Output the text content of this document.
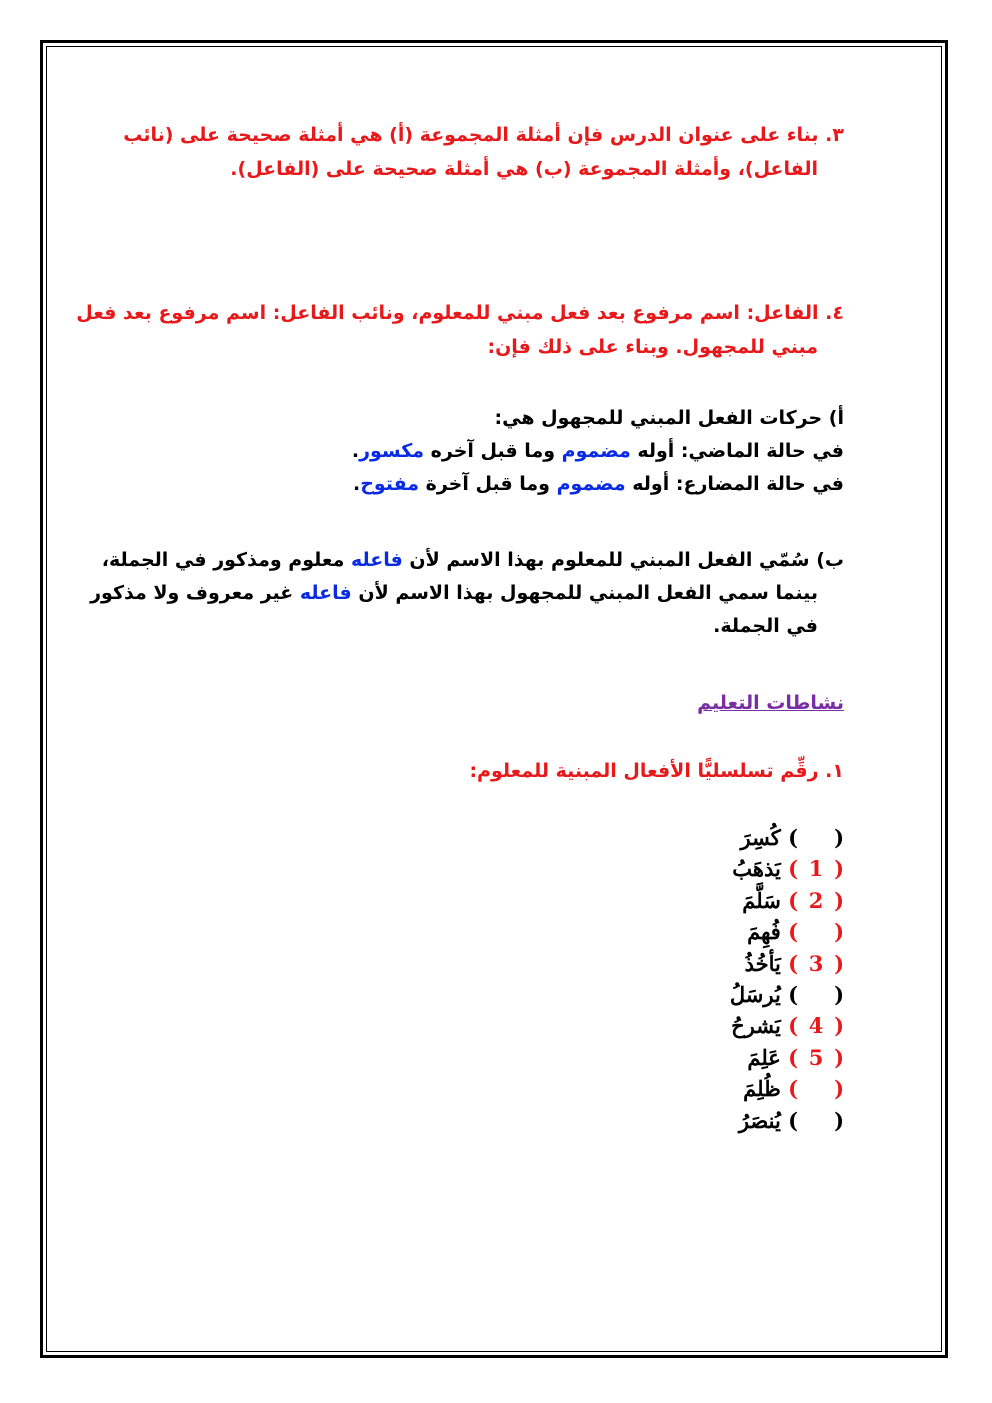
٣. بناء على عنوان الدرس فإن أمثلة المجموعة (أ) هي أمثلة صحيحة على (نائب
الفاعل)، وأمثلة المجموعة (ب) هي أمثلة صحيحة على (الفاعل).
٤. الفاعل: اسم مرفوع بعد فعل مبني للمعلوم، ونائب الفاعل: اسم مرفوع بعد فعل
مبني للمجهول. وبناء على ذلك فإن:
أ) حركات الفعل المبني للمجهول هي:
في حالة الماضي: أوله مضموم وما قبل آخره مكسور.
في حالة المضارع: أوله مضموم وما قبل آخرة مفتوح.
ب) سُمّي الفعل المبني للمعلوم بهذا الاسم لأن فاعله معلوم ومذكور في الجملة،
بينما سمي الفعل المبني للمجهول بهذا الاسم لأن فاعله غير معروف ولا مذكور
في الجملة.
نشاطات التعليم
١. رقِّم تسلسليًّا الأفعال المبنية للمعلوم:
() كُسِرَ
(1) يَذهَبُ
(2) سَلَّمَ
() فُهِمَ
(3) يَأخُذُ
() يُرسَلُ
(4) يَشرحُ
(5) عَلِمَ
() ظُلِمَ
() يُنصَرُ
